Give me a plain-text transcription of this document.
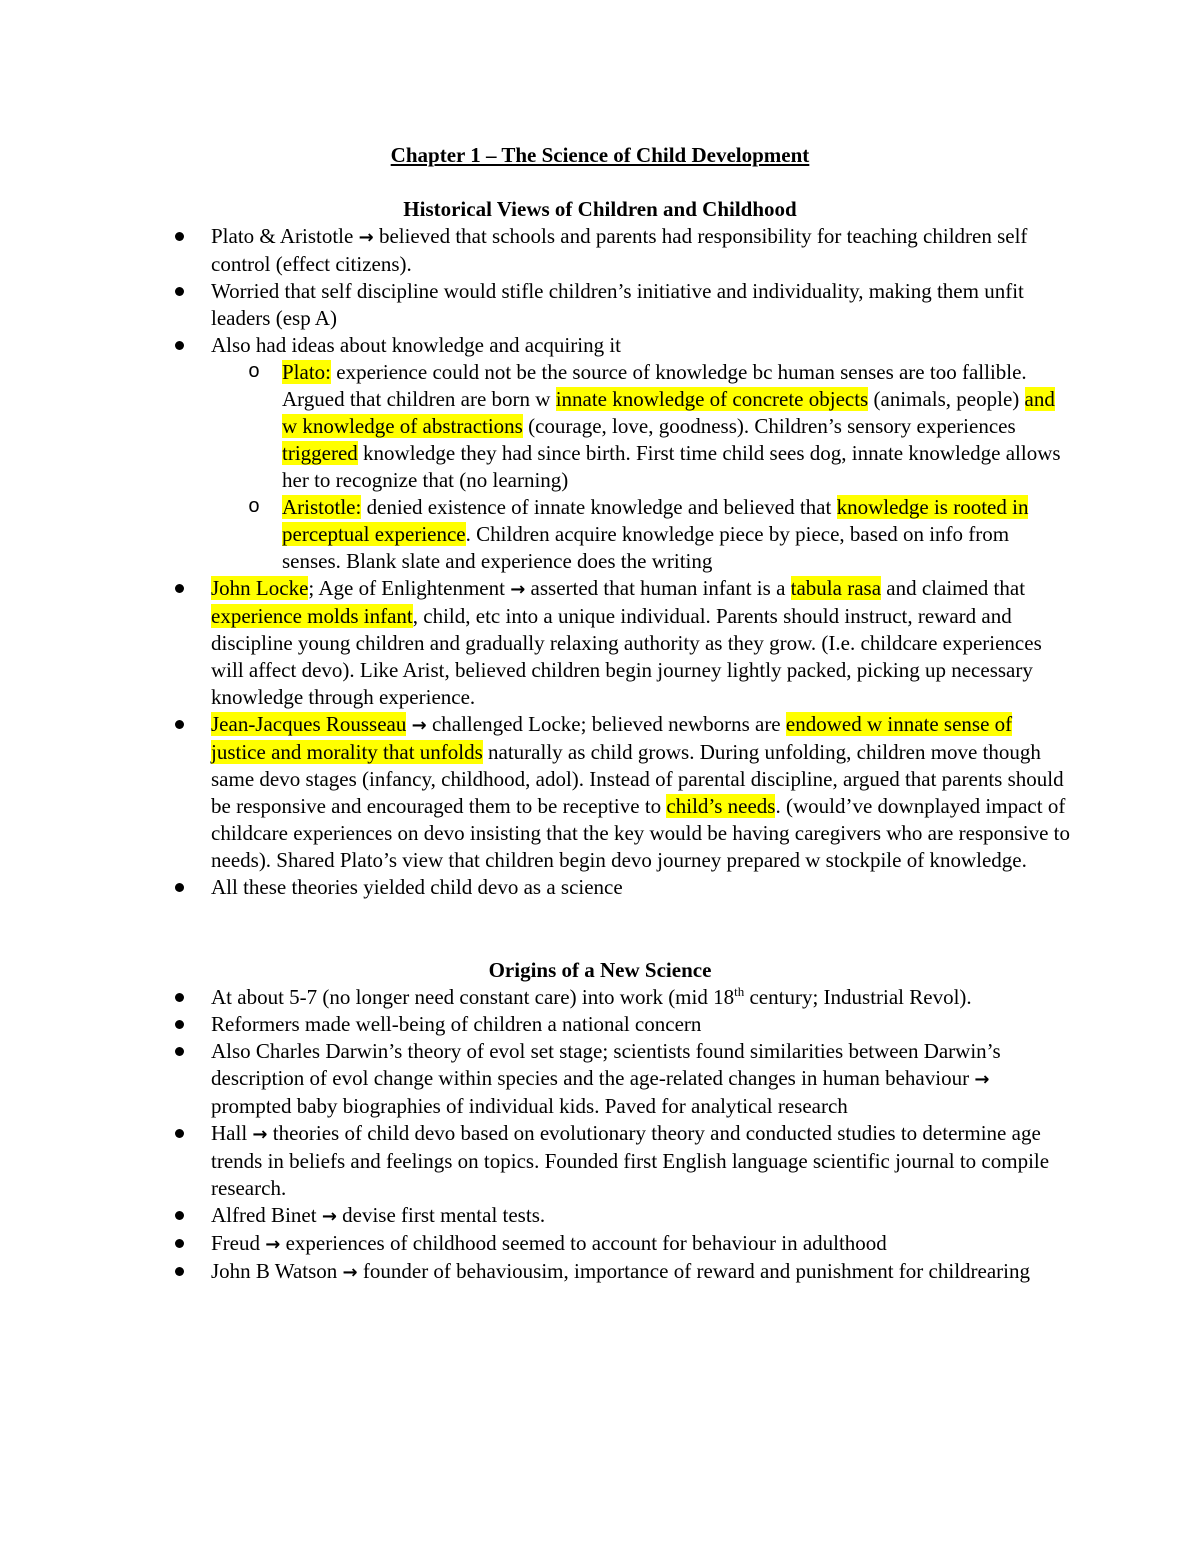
Chapter 1 – The Science of Child Development
Historical Views of Children and Childhood
Plato & Aristotle → believed that schools and parents had responsibility for teaching children self control (effect citizens).
Worried that self discipline would stifle children’s initiative and individuality, making them unfit leaders (esp A)
Also had ideas about knowledge and acquiring it
o Plato: experience could not be the source of knowledge bc human senses are too fallible. Argued that children are born w innate knowledge of concrete objects (animals, people) and w knowledge of abstractions (courage, love, goodness). Children’s sensory experiences triggered knowledge they had since birth. First time child sees dog, innate knowledge allows her to recognize that (no learning)
o Aristotle: denied existence of innate knowledge and believed that knowledge is rooted in perceptual experience. Children acquire knowledge piece by piece, based on info from senses. Blank slate and experience does the writing
John Locke; Age of Enlightenment → asserted that human infant is a tabula rasa and claimed that experience molds infant, child, etc into a unique individual. Parents should instruct, reward and discipline young children and gradually relaxing authority as they grow. (I.e. childcare experiences will affect devo). Like Arist, believed children begin journey lightly packed, picking up necessary knowledge through experience.
Jean-Jacques Rousseau → challenged Locke; believed newborns are endowed w innate sense of justice and morality that unfolds naturally as child grows. During unfolding, children move though same devo stages (infancy, childhood, adol). Instead of parental discipline, argued that parents should be responsive and encouraged them to be receptive to child’s needs. (would’ve downplayed impact of childcare experiences on devo insisting that the key would be having caregivers who are responsive to needs). Shared Plato’s view that children begin devo journey prepared w stockpile of knowledge.
All these theories yielded child devo as a science
Origins of a New Science
At about 5-7 (no longer need constant care) into work (mid 18th century; Industrial Revol).
Reformers made well-being of children a national concern
Also Charles Darwin’s theory of evol set stage; scientists found similarities between Darwin’s description of evol change within species and the age-related changes in human behaviour → prompted baby biographies of individual kids. Paved for analytical research
Hall → theories of child devo based on evolutionary theory and conducted studies to determine age trends in beliefs and feelings on topics. Founded first English language scientific journal to compile research.
Alfred Binet → devise first mental tests.
Freud → experiences of childhood seemed to account for behaviour in adulthood
John B Watson → founder of behaviousim, importance of reward and punishment for childrearing
